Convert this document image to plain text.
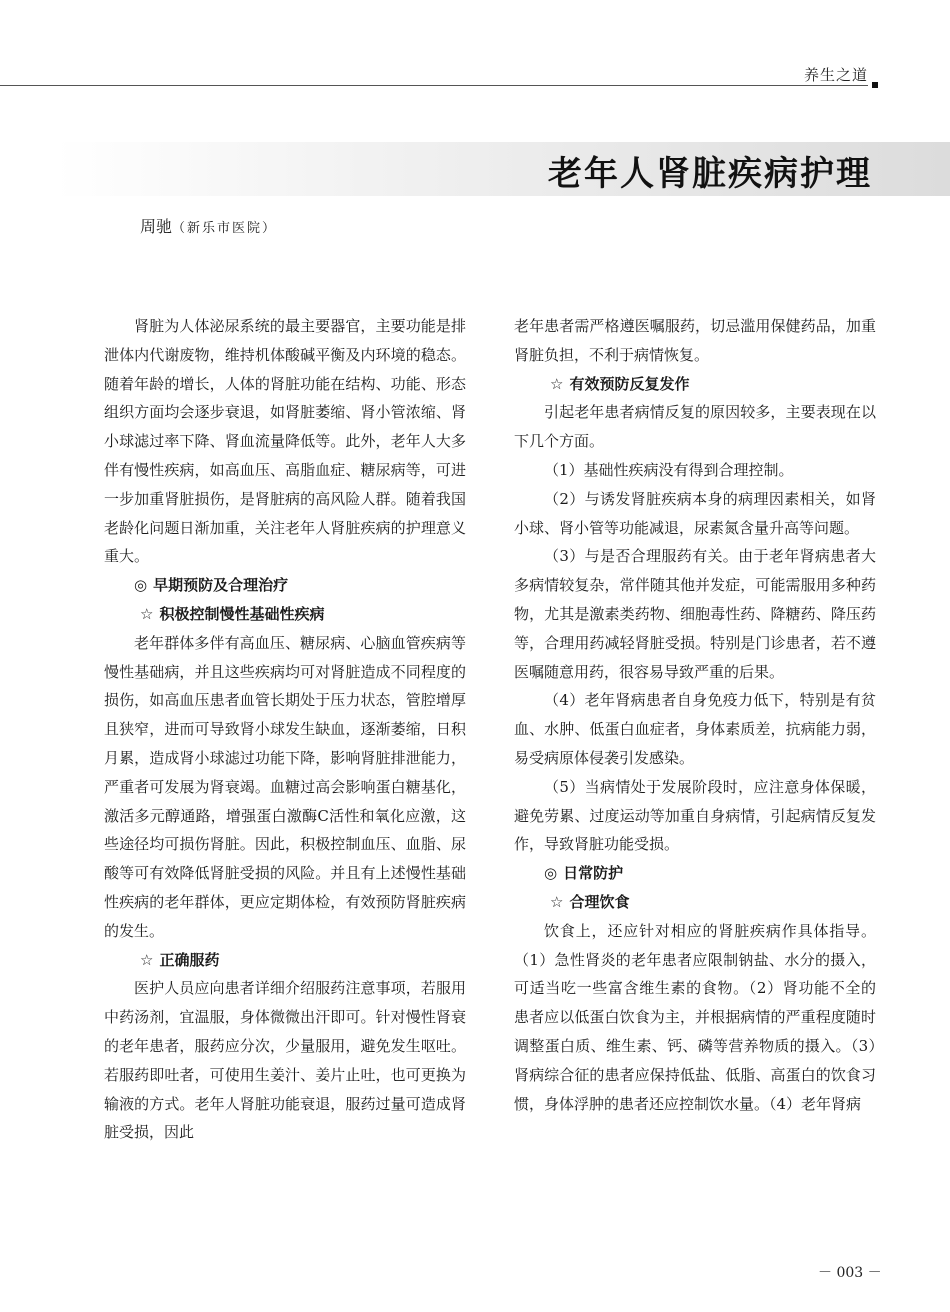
养生之道
老年人肾脏疾病护理
周驰（新乐市医院）

肾脏为人体泌尿系统的最主要器官，主要功能是排泄体内代谢废物，维持机体酸碱平衡及内环境的稳态。随着年龄的增长，人体的肾脏功能在结构、功能、形态组织方面均会逐步衰退，如肾脏萎缩、肾小管浓缩、肾小球滤过率下降、肾血流量降低等。此外，老年人大多伴有慢性疾病，如高血压、高脂血症、糖尿病等，可进一步加重肾脏损伤，是肾脏病的高风险人群。随着我国老龄化问题日渐加重，关注老年人肾脏疾病的护理意义重大。

◎ 早期预防及合理治疗
☆ 积极控制慢性基础性疾病

老年群体多伴有高血压、糖尿病、心脑血管疾病等慢性基础病，并且这些疾病均可对肾脏造成不同程度的损伤，如高血压患者血管长期处于压力状态，管腔增厚且狭窄，进而可导致肾小球发生缺血，逐渐萎缩，日积月累，造成肾小球滤过功能下降，影响肾脏排泄能力，严重者可发展为肾衰竭。血糖过高会影响蛋白糖基化，激活多元醇通路，增强蛋白激酶C活性和氧化应激，这些途径均可损伤肾脏。因此，积极控制血压、血脂、尿酸等可有效降低肾脏受损的风险。并且有上述慢性基础性疾病的老年群体，更应定期体检，有效预防肾脏疾病的发生。

☆ 正确服药

医护人员应向患者详细介绍服药注意事项，若服用中药汤剂，宜温服，身体微微出汗即可。针对慢性肾衰的老年患者，服药应分次，少量服用，避免发生呕吐。若服药即吐者，可使用生姜汁、姜片止吐，也可更换为输液的方式。老年人肾脏功能衰退，服药过量可造成肾脏受损，因此

老年患者需严格遵医嘱服药，切忌滥用保健药品，加重肾脏负担，不利于病情恢复。

☆ 有效预防反复发作

引起老年患者病情反复的原因较多，主要表现在以下几个方面。

（1）基础性疾病没有得到合理控制。

（2）与诱发肾脏疾病本身的病理因素相关，如肾小球、肾小管等功能减退，尿素氮含量升高等问题。

（3）与是否合理服药有关。由于老年肾病患者大多病情较复杂，常伴随其他并发症，可能需服用多种药物，尤其是激素类药物、细胞毒性药、降糖药、降压药等，合理用药减轻肾脏受损。特别是门诊患者，若不遵医嘱随意用药，很容易导致严重的后果。

（4）老年肾病患者自身免疫力低下，特别是有贫血、水肿、低蛋白血症者，身体素质差，抗病能力弱，易受病原体侵袭引发感染。

（5）当病情处于发展阶段时，应注意身体保暖，避免劳累、过度运动等加重自身病情，引起病情反复发作，导致肾脏功能受损。

◎ 日常防护
☆ 合理饮食

饮食上，还应针对相应的肾脏疾病作具体指导。（1）急性肾炎的老年患者应限制钠盐、水分的摄入，可适当吃一些富含维生素的食物。（2）肾功能不全的患者应以低蛋白饮食为主，并根据病情的严重程度随时调整蛋白质、维生素、钙、磷等营养物质的摄入。（3）肾病综合征的患者应保持低盐、低脂、高蛋白的饮食习惯，身体浮肿的患者还应控制饮水量。（4）老年肾病

－ 003 －
